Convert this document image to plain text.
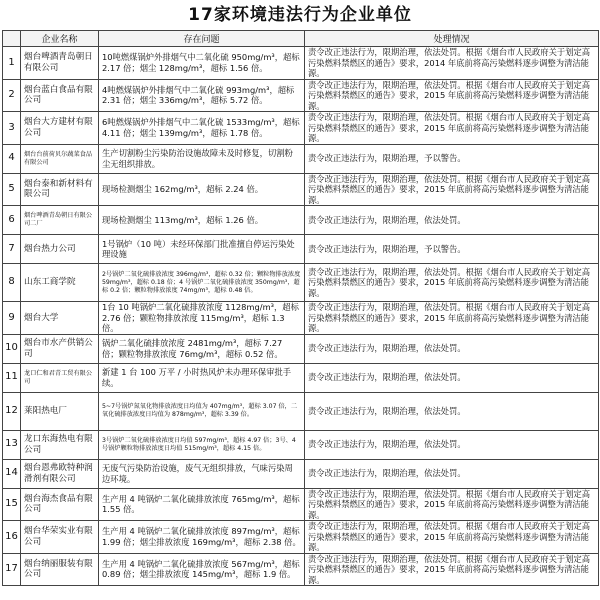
17家环境违法行为企业单位
	企业名称	存在问题	处理情况
1	烟台啤酒青岛朝日有限公司	10吨燃煤锅炉外排烟气中二氧化硫 950mg/m³，超标 2.17 倍；烟尘 128mg/m³，超标 1.56 倍。	责令改正违法行为，限期治理，依法处罚。根据《烟台市人民政府关于划定高污染燃料禁燃区的通告》要求，2014 年底前将高污染燃料逐步调整为清洁能源。
2	烟台蓝白食品有限公司	4吨燃煤锅炉外排烟气中二氧化硫 993mg/m³，超标 2.31 倍；烟尘 336mg/m³，超标 5.72 倍。	责令改正违法行为，限期治理，依法处罚。根据《烟台市人民政府关于划定高污染燃料禁燃区的通告》要求，2015 年底前将高污染燃料逐步调整为清洁能源。
3	烟台大方建材有限公司	6吨燃煤锅炉外排烟气中二氧化硫 1533mg/m³，超标 4.11 倍；烟尘 139mg/m³，超标 1.78 倍。	责令改正违法行为，限期治理，依法处罚。根据《烟台市人民政府关于划定高污染燃料禁燃区的通告》要求，2015 年底前将高污染燃料逐步调整为清洁能源。
4	烟台台前荷贝尔蔬菜食品有限公司	生产切割粉尘污染防治设施故障未及时修复，切割粉尘无组织排放。	责令改正违法行为，限期治理，予以警告。
5	烟台泰和新材料有限公司	现场检测烟尘 162mg/m³，超标 2.24 倍。	责令改正违法行为，限期治理，依法处罚。根据《烟台市人民政府关于划定高污染燃料禁燃区的通告》要求，2015 年底前将高污染燃料逐步调整为清洁能源。
6	烟台啤酒青岛朝日有限公司二厂	现场检测烟尘 113mg/m³，超标 1.26 倍。	责令改正违法行为，限期治理，依法处罚。
7	烟台热力公司	1号锅炉（10 吨）未经环保部门批准擅自停运污染处理设施	责令改正违法行为，限期治理，予以警告。
8	山东工商学院	2号锅炉二氧化硫排放浓度 396mg/m³，超标 0.32 倍；颗粒物排放浓度 59mg/m³，超标 0.18 倍；4 号锅炉二氧化硫排放浓度 350mg/m³，超标 0.2 倍；颗粒物排放浓度 74mg/m³，超标 0.48 倍。	责令改正违法行为，限期治理，依法处罚。根据《烟台市人民政府关于划定高污染燃料禁燃区的通告》要求，2015 年底前将高污染燃料逐步调整为清洁能源。
9	烟台大学	1台 10 吨锅炉二氧化硫排放浓度 1128mg/m³，超标 2.76 倍；颗粒物排放浓度 115mg/m³，超标 1.3 倍。	责令改正违法行为，限期治理，依法处罚。根据《烟台市人民政府关于划定高污染燃料禁燃区的通告》要求，2015 年底前将高污染燃料逐步调整为清洁能源。
10	烟台市水产供销公司	锅炉二氧化硫排放浓度 2481mg/m³，超标 7.27 倍；颗粒物排放浓度 76mg/m³，超标 0.52 倍。	责令改正违法行为，限期治理，依法处罚。
11	龙口仁和君青工贸有限公司	新建 1 台 100 万平 / 小时热风炉未办理环保审批手续。	责令改正违法行为，限期治理，依法处罚。
12	莱阳热电厂	5~7号锅炉氮氧化物排放浓度日均值为 407mg/m³，超标 3.07 倍，二氧化硫排放浓度日均值为 878mg/m³，超标 3.39 倍。	责令改正违法行为，限期治理，依法处罚。
13	龙口东海热电有限公司	3号锅炉二氧化硫排放浓度日均值 597mg/m³，超标 4.97 倍；3号、4号锅炉颗粒物排放浓度日均值 515mg/m³，超标 4.15 倍。	责令改正违法行为，限期治理，依法处罚。
14	烟台恩弗欧特种润滑剂有限公司	无废气污染防治设施，废气无组织排放，气味污染周边环境。	责令改正违法行为，限期治理，依法处罚。
15	烟台海杰食品有限公司	生产用 4 吨锅炉二氧化硫排放浓度 765mg/m³，超标 1.55 倍。	责令改正违法行为，限期治理，依法处罚。根据《烟台市人民政府关于划定高污染燃料禁燃区的通告》要求，2015 年底前将高污染燃料逐步调整为清洁能源。
16	烟台华荣实业有限公司	生产用 4 吨锅炉二氧化硫排放浓度 897mg/m³，超标 1.99 倍；烟尘排放浓度 169mg/m³，超标 2.38 倍。	责令改正违法行为，限期治理，依法处罚。根据《烟台市人民政府关于划定高污染燃料禁燃区的通告》要求，2015 年底前将高污染燃料逐步调整为清洁能源。
17	烟台纳丽服装有限公司	生产用 4 吨锅炉二氧化硫排放浓度 567mg/m³，超标 0.89 倍；烟尘排放浓度 145mg/m³，超标 1.9 倍。	责令改正违法行为，限期治理，依法处罚。根据《烟台市人民政府关于划定高污染燃料禁燃区的通告》要求，2015 年底前将高污染燃料逐步调整为清洁能源。
